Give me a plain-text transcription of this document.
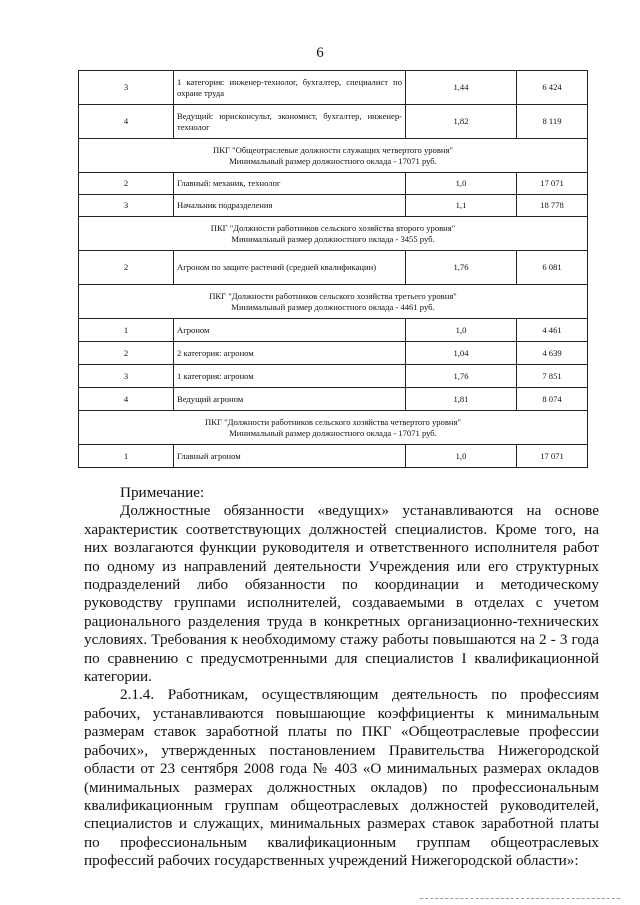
6
3	1 категория: инженер-технолог, бухгалтер, специалист по охране труда	1,44	6 424
4	Ведущий: юрисконсульт, экономист, бухгалтер, инженер-технолог	1,82	8 119

ПКГ "Общеотраслевые должности служащих четвертого уровня"
Минимальный размер должностного оклада - 17071 руб.			

2	Главный: механик, технолог	1,0	17 071
3	Начальник подразделения	1,1	18 778

ПКГ "Должности работников сельского хозяйства второго уровня"
Минимальный размер должностного оклада - 3455 руб.			

2	Агроном по защите растений (средней квалификации)	1,76	6 081

ПКГ "Должности работников сельского хозяйства третьего уровня"
Минимальный размер должностного оклада - 4461 руб.			

1	Агроном	1,0	4 461
2	2 категория: агроном	1,04	4 639
3	1 категория: агроном	1,76	7 851
4	Ведущий агроном	1,81	8 074

ПКГ "Должности работников сельского хозяйства четвертого уровня"
Минимальный размер должностного оклада - 17071 руб.			

1	Главный агроном	1,0	17 071

Примечание:

Должностные обязанности «ведущих» устанавливаются на основе характеристик соответствующих должностей специалистов. Кроме того, на них возлагаются функции руководителя и ответственного исполнителя работ по одному из направлений деятельности Учреждения или его структурных подразделений либо обязанности по координации и методическому руководству группами исполнителей, создаваемыми в отделах с учетом рационального разделения труда в конкретных организационно-технических условиях. Требования к необходимому стажу работы повышаются на 2 - 3 года по сравнению с предусмотренными для специалистов I квалификационной категории.

2.1.4. Работникам, осуществляющим деятельность по профессиям рабочих, устанавливаются повышающие коэффициенты к минимальным размерам ставок заработной платы по ПКГ «Общеотраслевые профессии рабочих», утвержденных постановлением Правительства Нижегородской области от 23 сентября 2008 года № 403 «О минимальных размерах окладов (минимальных размерах должностных окладов) по профессиональным квалификационным группам общеотраслевых должностей руководителей, специалистов и служащих, минимальных размерах ставок заработной платы по профессиональным квалификационным группам общеотраслевых профессий рабочих государственных учреждений Нижегородской области»:
